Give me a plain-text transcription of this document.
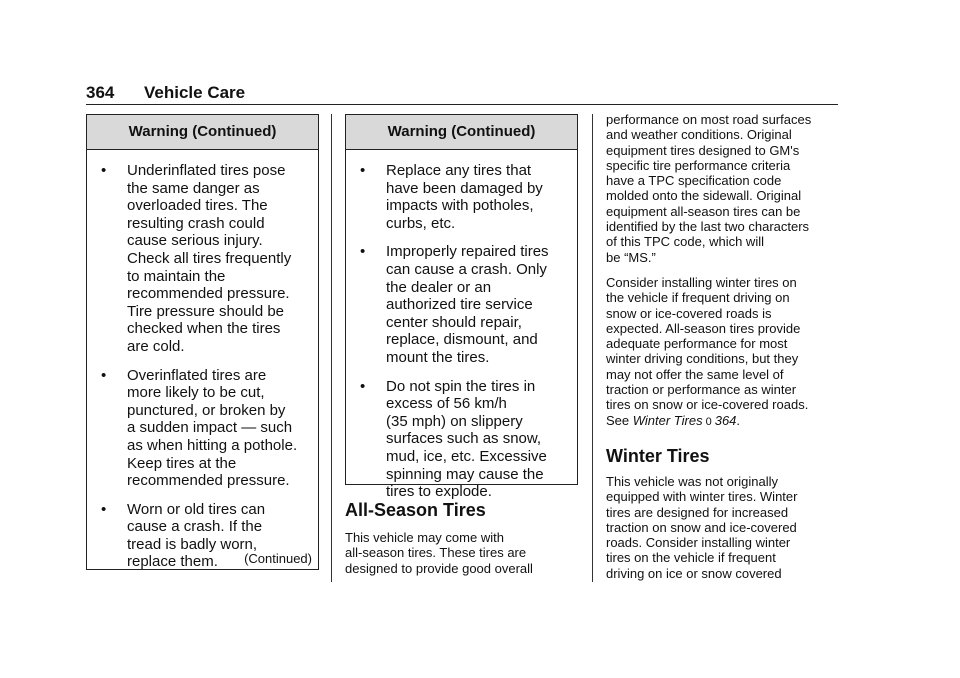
364 Vehicle Care
Warning (Continued)
• Underinflated tires pose
the same danger as
overloaded tires. The
resulting crash could
cause serious injury.
Check all tires frequently
to maintain the
recommended pressure.
Tire pressure should be
checked when the tires
are cold.
• Overinflated tires are
more likely to be cut,
punctured, or broken by
a sudden impact — such
as when hitting a pothole.
Keep tires at the
recommended pressure.
• Worn or old tires can
cause a crash. If the
tread is badly worn,
replace them.	(Continued)
Warning (Continued)
• Replace any tires that
have been damaged by
impacts with potholes,
curbs, etc.
• Improperly repaired tires
can cause a crash. Only
the dealer or an
authorized tire service
center should repair,
replace, dismount, and
mount the tires.
• Do not spin the tires in
excess of 56 km/h
(35 mph) on slippery
surfaces such as snow,
mud, ice, etc. Excessive
spinning may cause the
tires to explode.
All-Season Tires
This vehicle may come with
all-season tires. These tires are
designed to provide good overall
performance on most road surfaces
and weather conditions. Original
equipment tires designed to GM's
specific tire performance criteria
have a TPC specification code
molded onto the sidewall. Original
equipment all-season tires can be
identified by the last two characters
of this TPC code, which will
be “MS.”
Consider installing winter tires on
the vehicle if frequent driving on
snow or ice-covered roads is
expected. All-season tires provide
adequate performance for most
winter driving conditions, but they
may not offer the same level of
traction or performance as winter
tires on snow or ice-covered roads.
See Winter Tires 0 364.
Winter Tires
This vehicle was not originally
equipped with winter tires. Winter
tires are designed for increased
traction on snow and ice-covered
roads. Consider installing winter
tires on the vehicle if frequent
driving on ice or snow covered
